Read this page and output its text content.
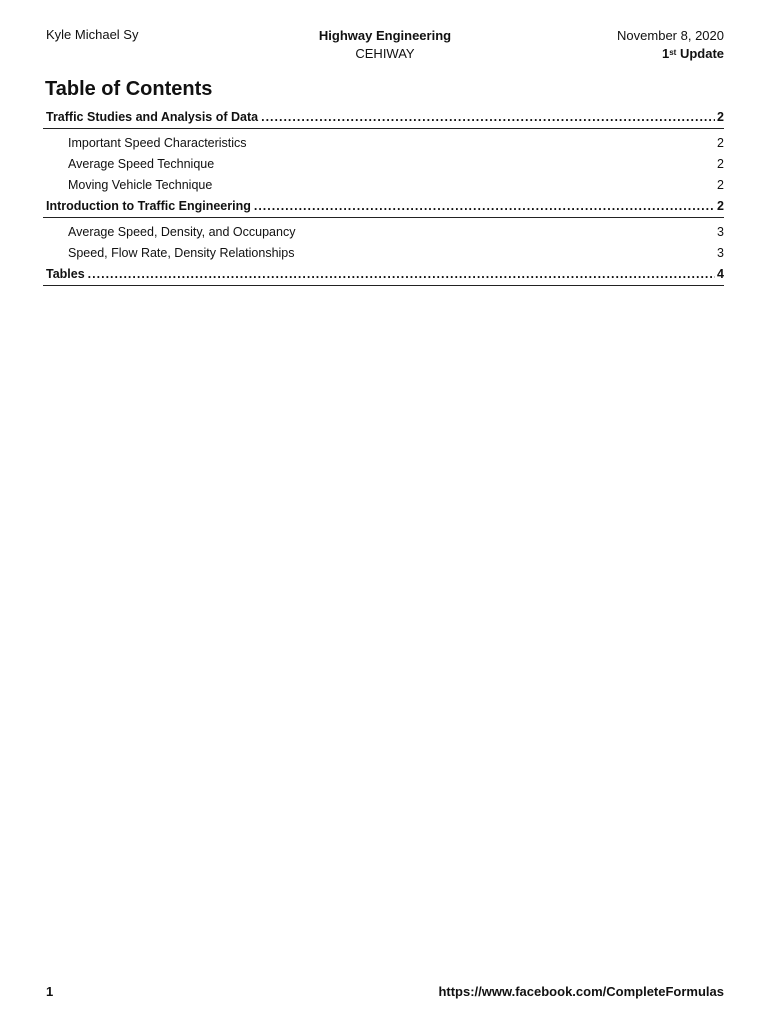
Kyle Michael Sy	Highway Engineering
CEHIWAY
November 8, 2020
1st Update
Table of Contents
Traffic Studies and Analysis of Data .....	2
Important Speed Characteristics	2
Average Speed Technique	2
Moving Vehicle Technique	2
Introduction to Traffic Engineering .....	2
Average Speed, Density, and Occupancy	3
Speed, Flow Rate, Density Relationships	3
Tables .....	4
1	https://www.facebook.com/CompleteFormulas
